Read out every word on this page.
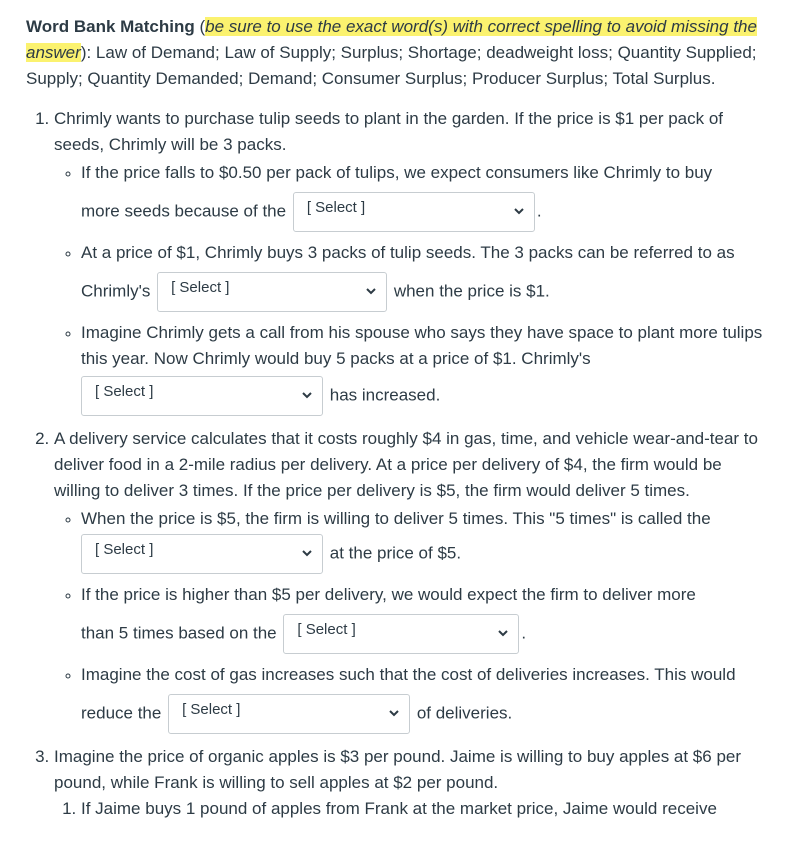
Word Bank Matching (be sure to use the exact word(s) with correct spelling to avoid missing the answer): Law of Demand; Law of Supply; Surplus; Shortage; deadweight loss; Quantity Supplied; Supply; Quantity Demanded; Demand; Consumer Surplus; Producer Surplus; Total Surplus.

1. Chrimly wants to purchase tulip seeds to plant in the garden. If the price is $1 per pack of seeds, Chrimly will be 3 packs.
◦ If the price falls to $0.50 per pack of tulips, we expect consumers like Chrimly to buy
more seeds because of the [ Select ]	.
◦ At a price of $1, Chrimly buys 3 packs of tulip seeds. The 3 packs can be referred to as
Chrimly's [ Select ]	when the price is $1.
◦ Imagine Chrimly gets a call from his spouse who says they have space to plant more tulips this year. Now Chrimly would buy 5 packs at a price of $1. Chrimly's
[ Select ]	has increased.
2. A delivery service calculates that it costs roughly $4 in gas, time, and vehicle wear-and-tear to deliver food in a 2-mile radius per delivery. At a price per delivery of $4, the firm would be willing to deliver 3 times. If the price per delivery is $5, the firm would deliver 5 times.
◦ When the price is $5, the firm is willing to deliver 5 times. This "5 times" is called the
[ Select ]	at the price of $5.
◦ If the price is higher than $5 per delivery, we would expect the firm to deliver more
than 5 times based on the [ Select ]	.
◦ Imagine the cost of gas increases such that the cost of deliveries increases. This would
reduce the [ Select ]	of deliveries.
3. Imagine the price of organic apples is $3 per pound. Jaime is willing to buy apples at $6 per pound, while Frank is willing to sell apples at $2 per pound.
1. If Jaime buys 1 pound of apples from Frank at the market price, Jaime would receive
